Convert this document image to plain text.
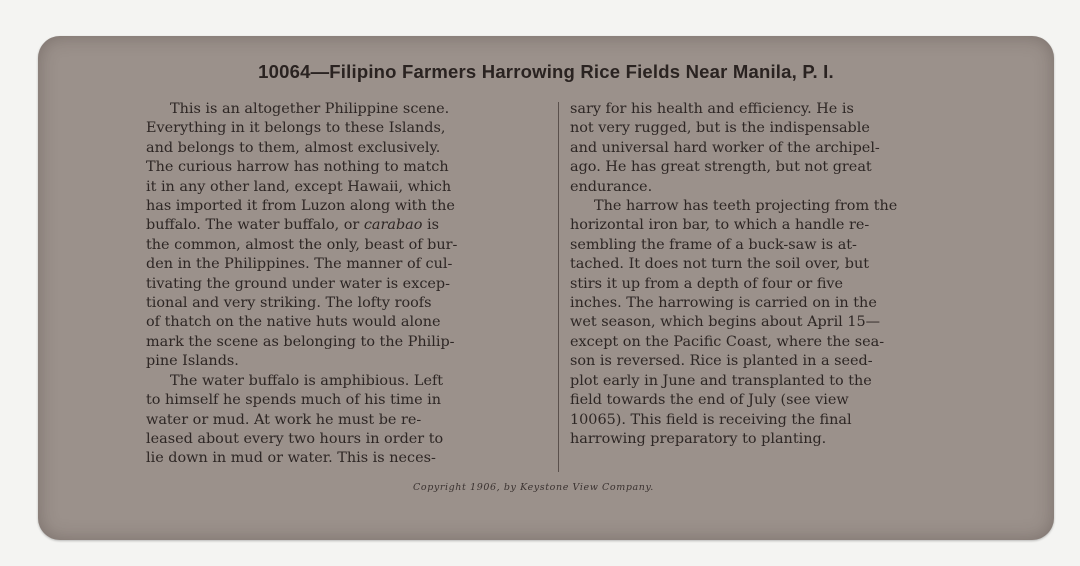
10064—Filipino Farmers Harrowing Rice Fields Near Manila, P. I.
This is an altogether Philippine scene.
Everything in it belongs to these Islands,
and belongs to them, almost exclusively.
The curious harrow has nothing to match
it in any other land, except Hawaii, which
has imported it from Luzon along with the
buffalo. The water buffalo, or carabao is
the common, almost the only, beast of bur-
den in the Philippines. The manner of cul-
tivating the ground under water is excep-
tional and very striking. The lofty roofs
of thatch on the native huts would alone
mark the scene as belonging to the Philip-
pine Islands.
The water buffalo is amphibious. Left
to himself he spends much of his time in
water or mud. At work he must be re-
leased about every two hours in order to
lie down in mud or water. This is neces-
sary for his health and efficiency. He is
not very rugged, but is the indispensable
and universal hard worker of the archipel-
ago. He has great strength, but not great
endurance.
The harrow has teeth projecting from the
horizontal iron bar, to which a handle re-
sembling the frame of a buck-saw is at-
tached. It does not turn the soil over, but
stirs it up from a depth of four or five
inches. The harrowing is carried on in the
wet season, which begins about April 15—
except on the Pacific Coast, where the sea-
son is reversed. Rice is planted in a seed-
plot early in June and transplanted to the
field towards the end of July (see view
10065). This field is receiving the final
harrowing preparatory to planting.
Copyright 1906, by Keystone View Company.
